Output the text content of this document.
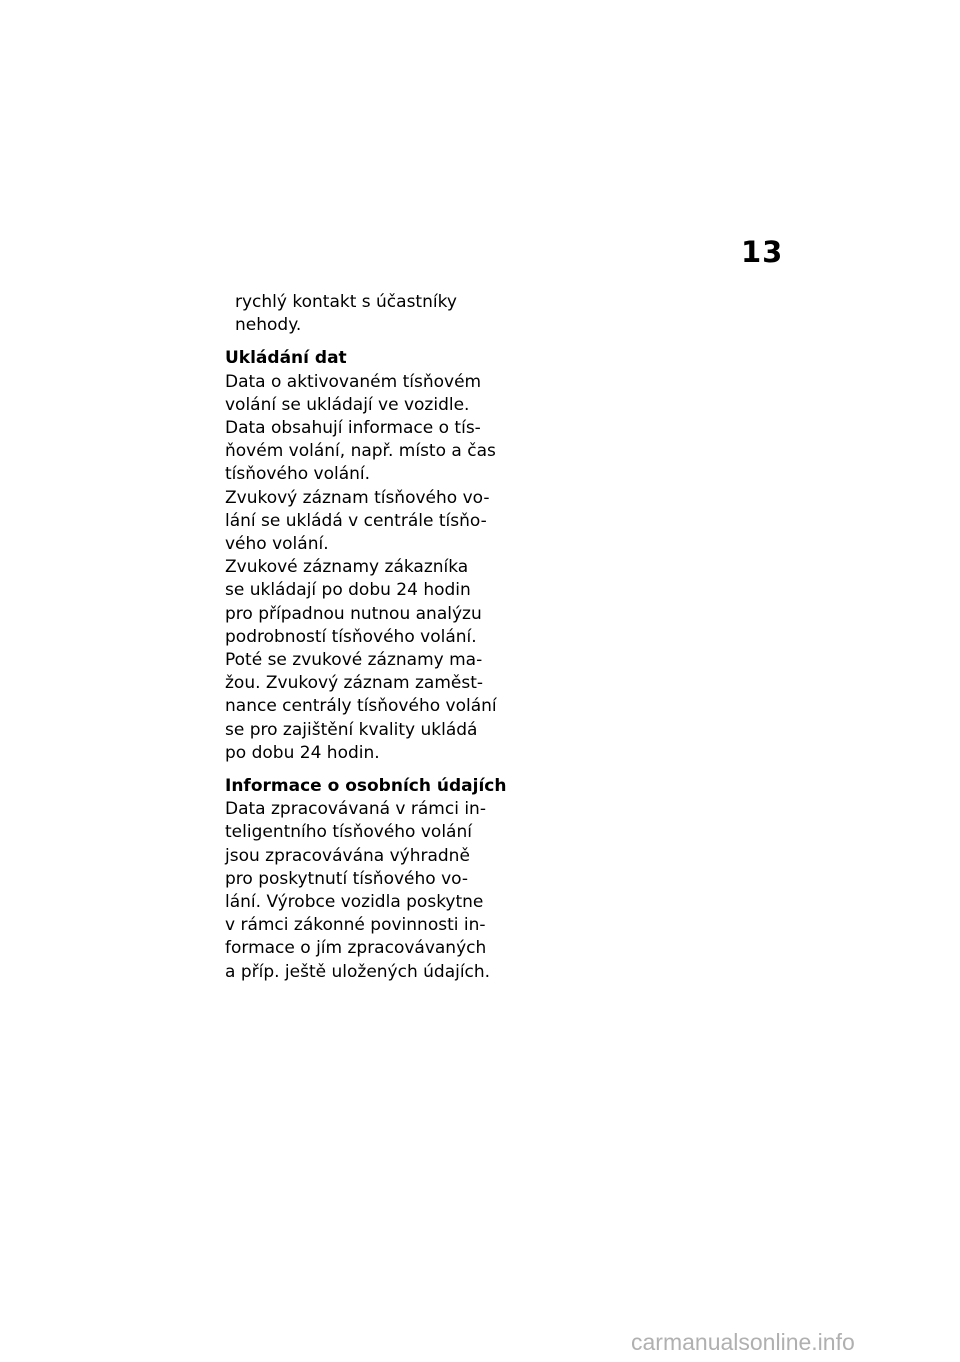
13
rychlý kontakt s účastníky
nehody.
Ukládání dat
Data o aktivovaném tísňovém
volání se ukládají ve vozidle.
Data obsahují informace o tís-
ňovém volání, např. místo a čas
tísňového volání.
Zvukový záznam tísňového vo-
lání se ukládá v centrále tísňo-
vého volání.
Zvukové záznamy zákazníka
se ukládají po dobu 24 hodin
pro případnou nutnou analýzu
podrobností tísňového volání.
Poté se zvukové záznamy ma-
žou. Zvukový záznam zaměst-
nance centrály tísňového volání
se pro zajištění kvality ukládá
po dobu 24 hodin.
Informace o osobních údajích
Data zpracovávaná v rámci in-
teligentního tísňového volání
jsou zpracovávána výhradně
pro poskytnutí tísňového vo-
lání. Výrobce vozidla poskytne
v rámci zákonné povinnosti in-
formace o jím zpracovávaných
a příp. ještě uložených údajích.
carmanualsonline.info
